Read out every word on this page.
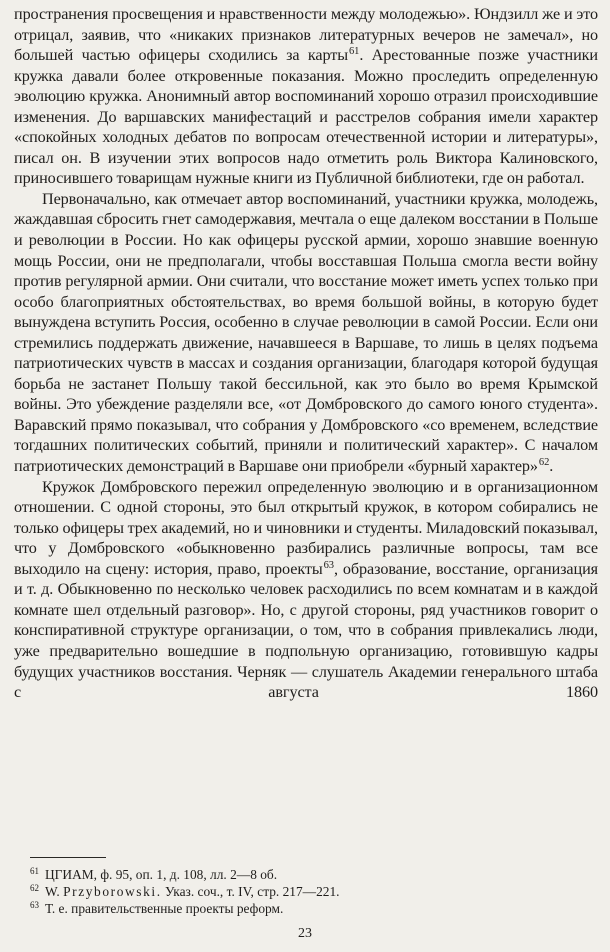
пространения просвещения и нравственности между молодежью». Юндзилл же и это отрицал, заявив, что «никаких признаков литературных вечеров не замечал», но большей частью офицеры сходились за карты$^{61}$. Арестованные позже участники кружка давали более откровенные показания. Можно проследить определенную эволюцию кружка. Анонимный автор воспоминаний хорошо отразил происходившие изменения. До варшавских манифестаций и расстрелов собрания имели характер «спокойных холодных дебатов по вопросам отечественной истории и литературы», писал он. В изучении этих вопросов надо отметить роль Виктора Калиновского, приносившего товарищам нужные книги из Публичной библиотеки, где он работал.

Первоначально, как отмечает автор воспоминаний, участники кружка, молодежь, жаждавшая сбросить гнет самодержавия, мечтала о еще далеком восстании в Польше и революции в России. Но как офицеры русской армии, хорошо знавшие военную мощь России, они не предполагали, чтобы восставшая Польша смогла вести войну против регулярной армии. Они считали, что восстание может иметь успех только при особо благоприятных обстоятельствах, во время большой войны, в которую будет вынуждена вступить Россия, особенно в случае революции в самой России. Если они стремились поддержать движение, начавшееся в Варшаве, то лишь в целях подъема патриотических чувств в массах и создания организации, благодаря которой будущая борьба не застанет Польшу такой бессильной, как это было во время Крымской войны. Это убеждение разделяли все, «от Домбровского до самого юного студента». Варавский прямо показывал, что собрания у Домбровского «со временем, вследствие тогдашних политических событий, приняли и политический характер». С началом патриотических демонстраций в Варшаве они приобрели «бурный характер»$^{62}$.

Кружок Домбровского пережил определенную эволюцию и в организационном отношении. С одной стороны, это был открытый кружок, в котором собирались не только офицеры трех академий, но и чиновники и студенты. Миладовский показывал, что у Домбровского «обыкновенно разбирались различные вопросы, там все выходило на сцену: история, право, проекты$^{63}$, образование, восстание, организация и т. д. Обыкновенно по несколько человек расходились по всем комнатам и в каждой комнате шел отдельный разговор». Но, с другой стороны, ряд участников говорит о конспиративной структуре организации, о том, что в собрания привлекались люди, уже предварительно вошедшие в подпольную организацию, готовившую кадры будущих участников восстания. Черняк — слушатель Академии генерального штаба с августа 1860

$^{61}$ ЦГИАМ, ф. 95, оп. 1, д. 108, лл. 2—8 об.
$^{62}$ W. Przyborowski. Указ. соч., т. IV, стр. 217—221.
$^{63}$ Т. е. правительственные проекты реформ.
23
